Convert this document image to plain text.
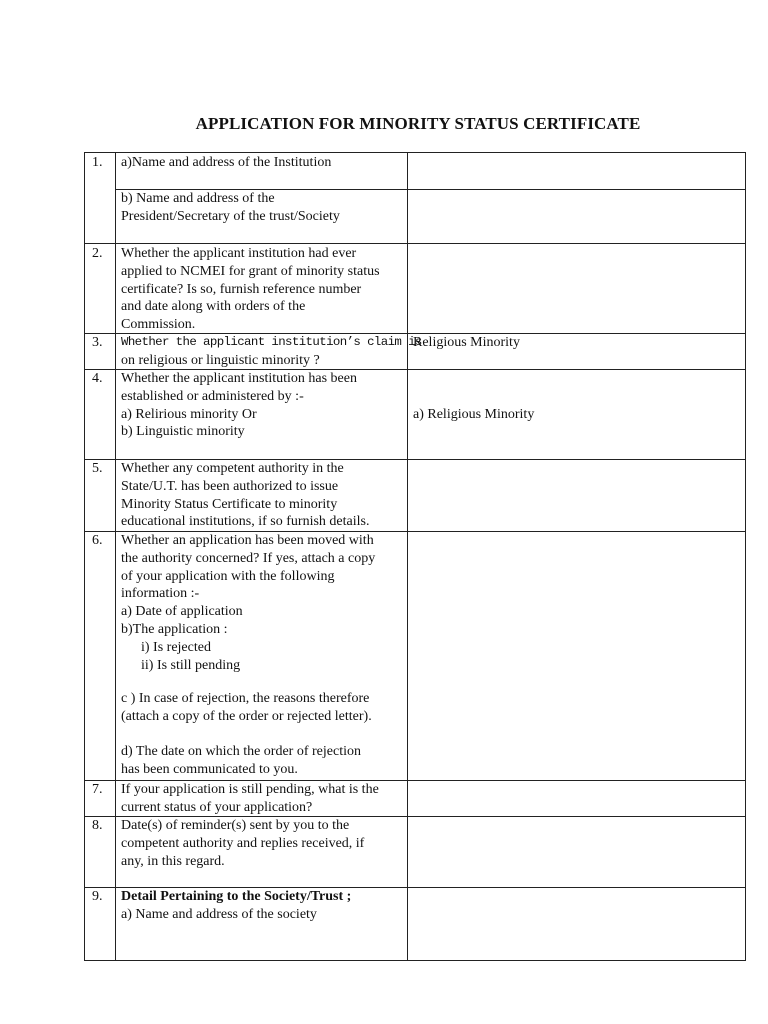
APPLICATION FOR MINORITY STATUS CERTIFICATE
1. a)Name and address of the Institution
b) Name and address of the
President/Secretary of the trust/Society
2. Whether the applicant institution had ever
applied to NCMEI for grant of minority status
certificate? Is so, furnish reference number
and date along with orders of the
Commission.
3. Whether the applicant institution’s claim is
on religious or linguistic minority ?
Religious Minority
4. Whether the applicant institution has been
established or administered by :-
a) Relirious minority Or
b) Linguistic minority
a) Religious Minority
5. Whether any competent authority in the
State/U.T. has been authorized to issue
Minority Status Certificate to minority
educational institutions, if so furnish details.
6. Whether an application has been moved with
the authority concerned? If yes, attach a copy
of your application with the following
information :-
a) Date of application
b)The application :
i) Is rejected
ii) Is still pending
c ) In case of rejection, the reasons therefore
(attach a copy of the order or rejected letter).
d) The date on which the order of rejection
has been communicated to you.
7. If your application is still pending, what is the
current status of your application?
8. Date(s) of reminder(s) sent by you to the
competent authority and replies received, if
any, in this regard.
9. Detail Pertaining to the Society/Trust ;
a) Name and address of the society
